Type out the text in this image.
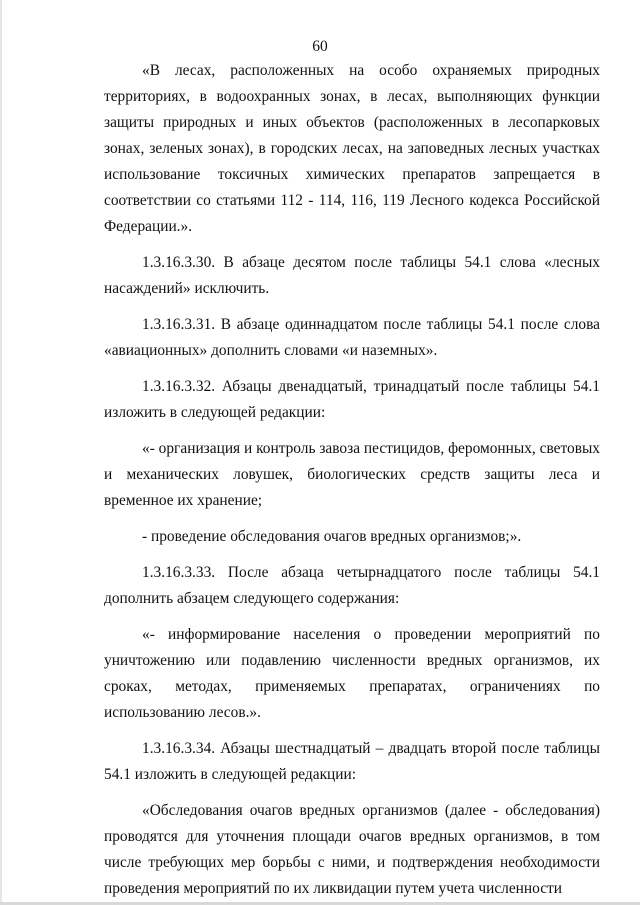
60

«В лесах, расположенных на особо охраняемых природных территориях, в водоохранных зонах, в лесах, выполняющих функции защиты природных и иных объектов (расположенных в лесопарковых зонах, зеленых зонах), в городских лесах, на заповедных лесных участках использование токсичных химических препаратов запрещается в соответствии со статьями 112 - 114, 116, 119 Лесного кодекса Российской Федерации.».

1.3.16.3.30. В абзаце десятом после таблицы 54.1 слова «лесных насаждений» исключить.

1.3.16.3.31. В абзаце одиннадцатом после таблицы 54.1 после слова «авиационных» дополнить словами «и наземных».

1.3.16.3.32. Абзацы двенадцатый, тринадцатый после таблицы 54.1 изложить в следующей редакции:

«- организация и контроль завоза пестицидов, феромонных, световых и механических ловушек, биологических средств защиты леса и временное их хранение;

- проведение обследования очагов вредных организмов;».

1.3.16.3.33. После абзаца четырнадцатого после таблицы 54.1 дополнить абзацем следующего содержания:

«- информирование населения о проведении мероприятий по уничтожению или подавлению численности вредных организмов, их сроках, методах, применяемых препаратах, ограничениях по использованию лесов.».

1.3.16.3.34. Абзацы шестнадцатый – двадцать второй после таблицы 54.1 изложить в следующей редакции:

«Обследования очагов вредных организмов (далее - обследования) проводятся для уточнения площади очагов вредных организмов, в том числе требующих мер борьбы с ними, и подтверждения необходимости проведения мероприятий по их ликвидации путем учета численности
